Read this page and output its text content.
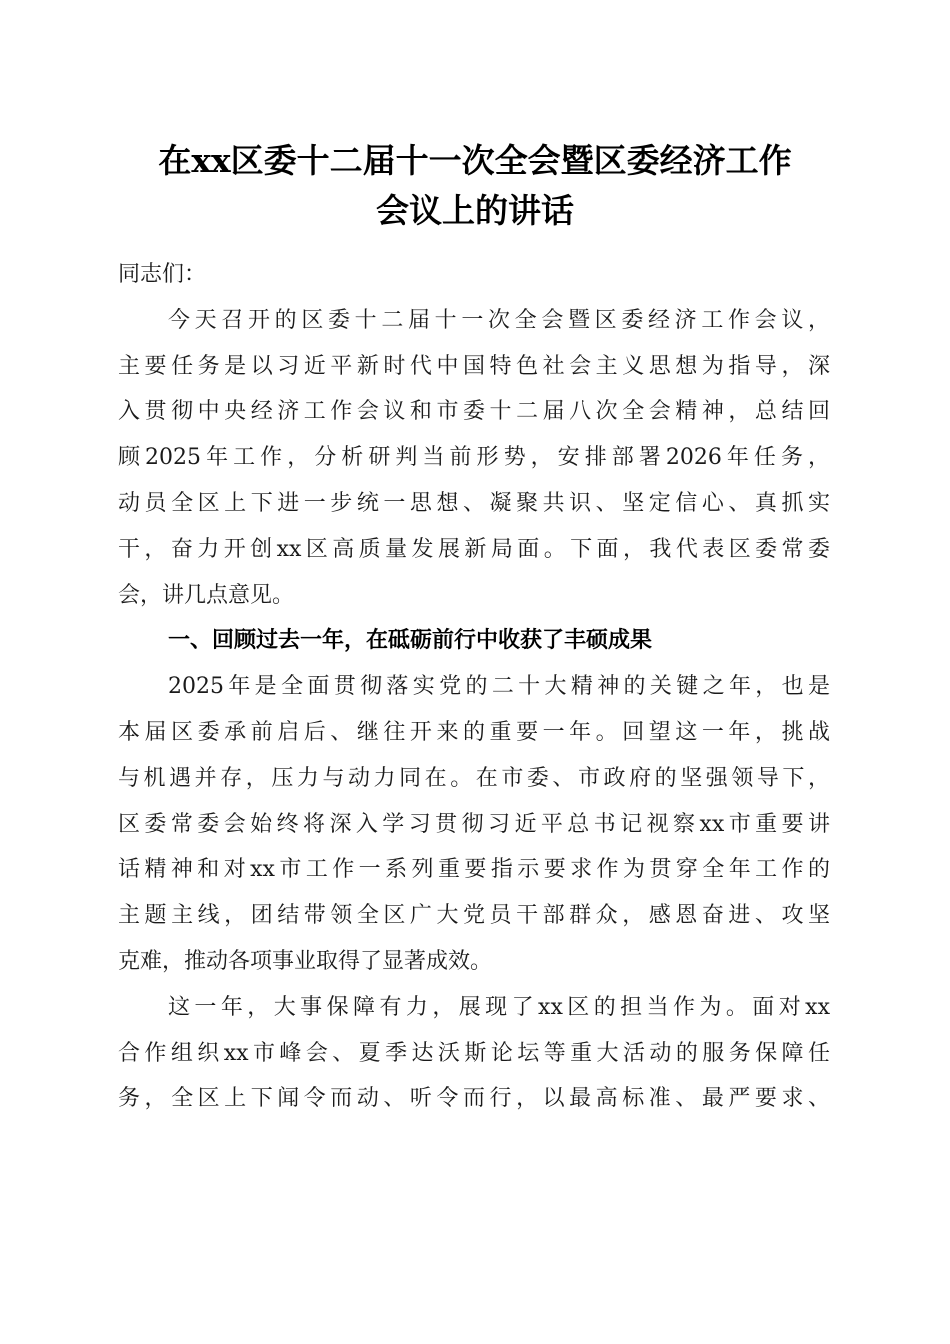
在xx区委十二届十一次全会暨区委经济工作
会议上的讲话
同志们：
今天召开的区委十二届十一次全会暨区委经济工作会议，
主要任务是以习近平新时代中国特色社会主义思想为指导，深
入贯彻中央经济工作会议和市委十二届八次全会精神，总结回
顾2025年工作，分析研判当前形势，安排部署2026年任务，
动员全区上下进一步统一思想、凝聚共识、坚定信心、真抓实
干，奋力开创xx区高质量发展新局面。下面，我代表区委常委
会，讲几点意见。
一、回顾过去一年，在砥砺前行中收获了丰硕成果
2025年是全面贯彻落实党的二十大精神的关键之年，也是
本届区委承前启后、继往开来的重要一年。回望这一年，挑战
与机遇并存，压力与动力同在。在市委、市政府的坚强领导下，
区委常委会始终将深入学习贯彻习近平总书记视察xx市重要讲
话精神和对xx市工作一系列重要指示要求作为贯穿全年工作的
主题主线，团结带领全区广大党员干部群众，感恩奋进、攻坚
克难，推动各项事业取得了显著成效。
这一年，大事保障有力，展现了xx区的担当作为。面对xx
合作组织xx市峰会、夏季达沃斯论坛等重大活动的服务保障任
务，全区上下闻令而动、听令而行，以最高标准、最严要求、
